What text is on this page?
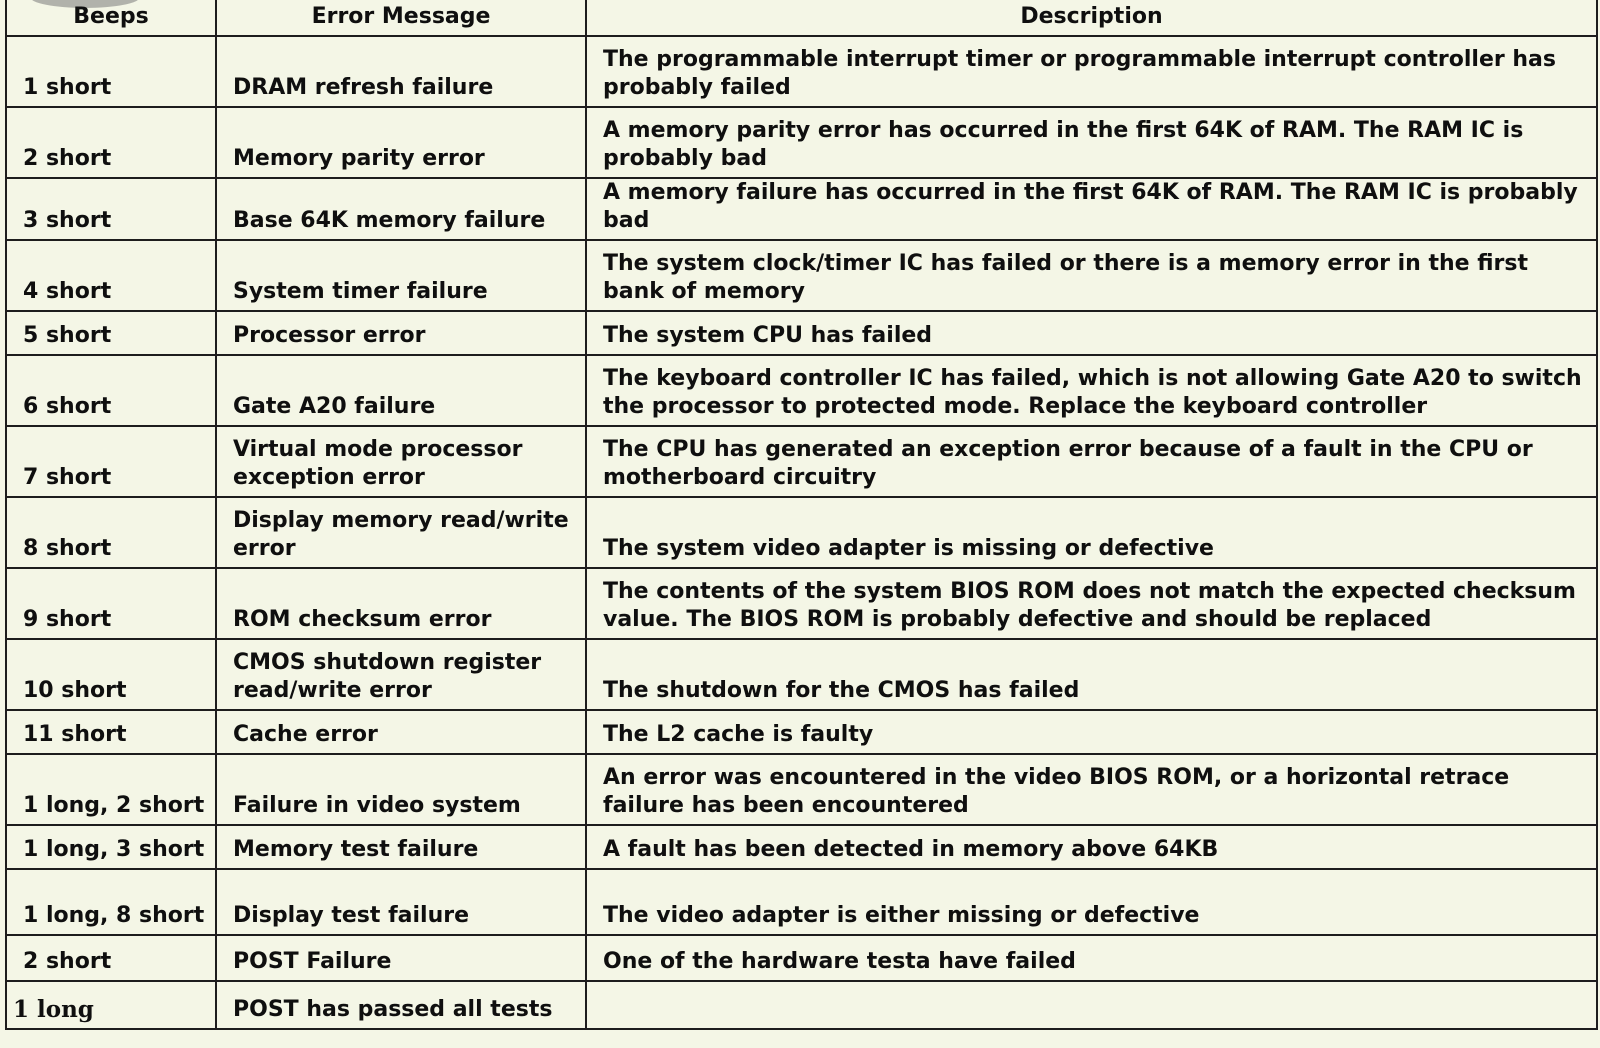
Beeps	Error Message	Description
1 short	DRAM refresh failure	The programmable interrupt timer or programmable interrupt controller has probably failed
2 short	Memory parity error	A memory parity error has occurred in the first 64K of RAM. The RAM IC is probably bad
3 short	Base 64K memory failure	A memory failure has occurred in the first 64K of RAM. The RAM IC is probably bad
4 short	System timer failure	The system clock/timer IC has failed or there is a memory error in the first bank of memory
5 short	Processor error	The system CPU has failed
6 short	Gate A20 failure	The keyboard controller IC has failed, which is not allowing Gate A20 to switch the processor to protected mode. Replace the keyboard controller
7 short	Virtual mode processor exception error	The CPU has generated an exception error because of a fault in the CPU or motherboard circuitry
8 short	Display memory read/write error	The system video adapter is missing or defective
9 short	ROM checksum error	The contents of the system BIOS ROM does not match the expected checksum value. The BIOS ROM is probably defective and should be replaced
10 short	CMOS shutdown register read/write error	The shutdown for the CMOS has failed
11 short	Cache error	The L2 cache is faulty
1 long, 2 short	Failure in video system	An error was encountered in the video BIOS ROM, or a horizontal retrace failure has been encountered
1 long, 3 short	Memory test failure	A fault has been detected in memory above 64KB
1 long, 8 short	Display test failure	The video adapter is either missing or defective
2 short	POST Failure	One of the hardware testa have failed
1 long	POST has passed all tests	
